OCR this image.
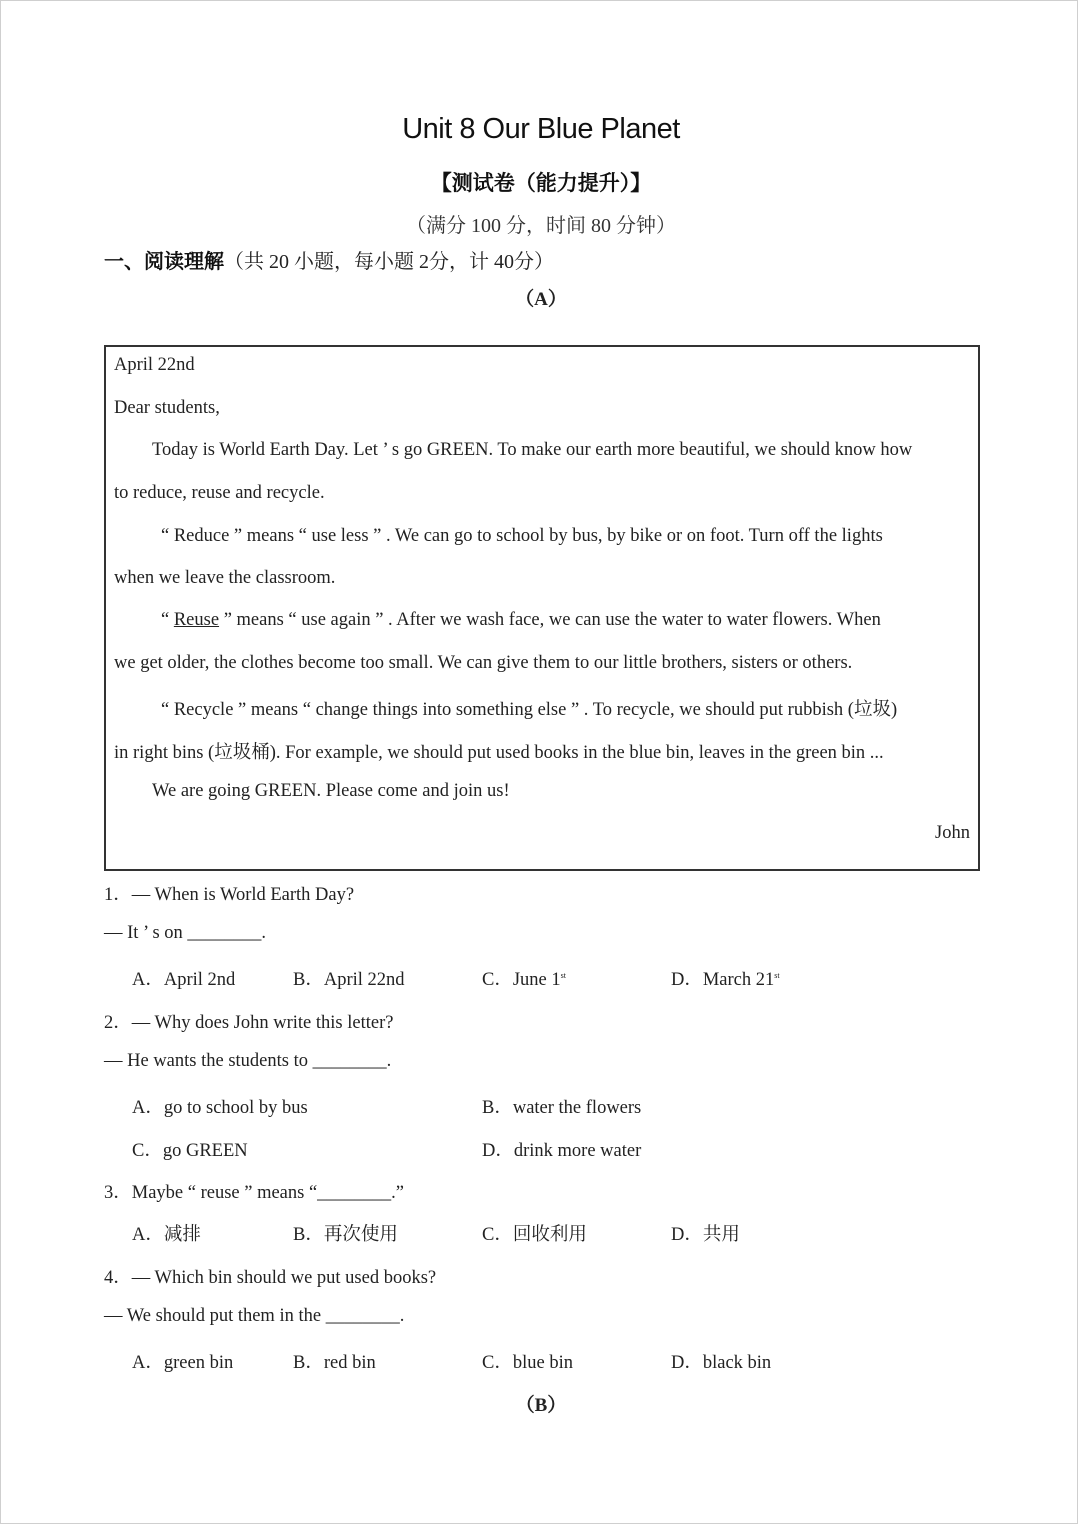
Unit 8 Our Blue Planet
【测试卷（能力提升）】
（满分 100 分，时间 80 分钟）
一、阅读理解（共 20 小题，每小题 2分，计 40分）
（A）
April 22nd
Dear students,
Today is World Earth Day. Let ’ s go GREEN. To make our earth more beautiful, we should know how
to reduce, reuse and recycle.
“ Reduce ” means “ use less ” . We can go to school by bus, by bike or on foot. Turn off the lights
when we leave the classroom.
“ Reuse ” means “ use again ” . After we wash face, we can use the water to water flowers. When
we get older, the clothes become too small. We can give them to our little brothers, sisters or others.
“ Recycle ” means “ change things into something else ” . To recycle, we should put rubbish (垃圾)
in right bins (垃圾桶). For example, we should put used books in the blue bin, leaves in the green bin ...
We are going GREEN. Please come and join us!
John
1．— When is World Earth Day?
— It ’ s on ________.
A．April 2nd	B．April 22nd	C．June 1st	D．March 21st
2．— Why does John write this letter?
— He wants the students to ________.
A．go to school by bus	B．water the flowers
C．go GREEN	D．drink more water
3．Maybe “ reuse ” means “________.”
A．减排	B．再次使用	C．回收利用	D．共用
4．— Which bin should we put used books?
— We should put them in the ________.
A．green bin	B．red bin	C．blue bin	D．black bin
（B）
